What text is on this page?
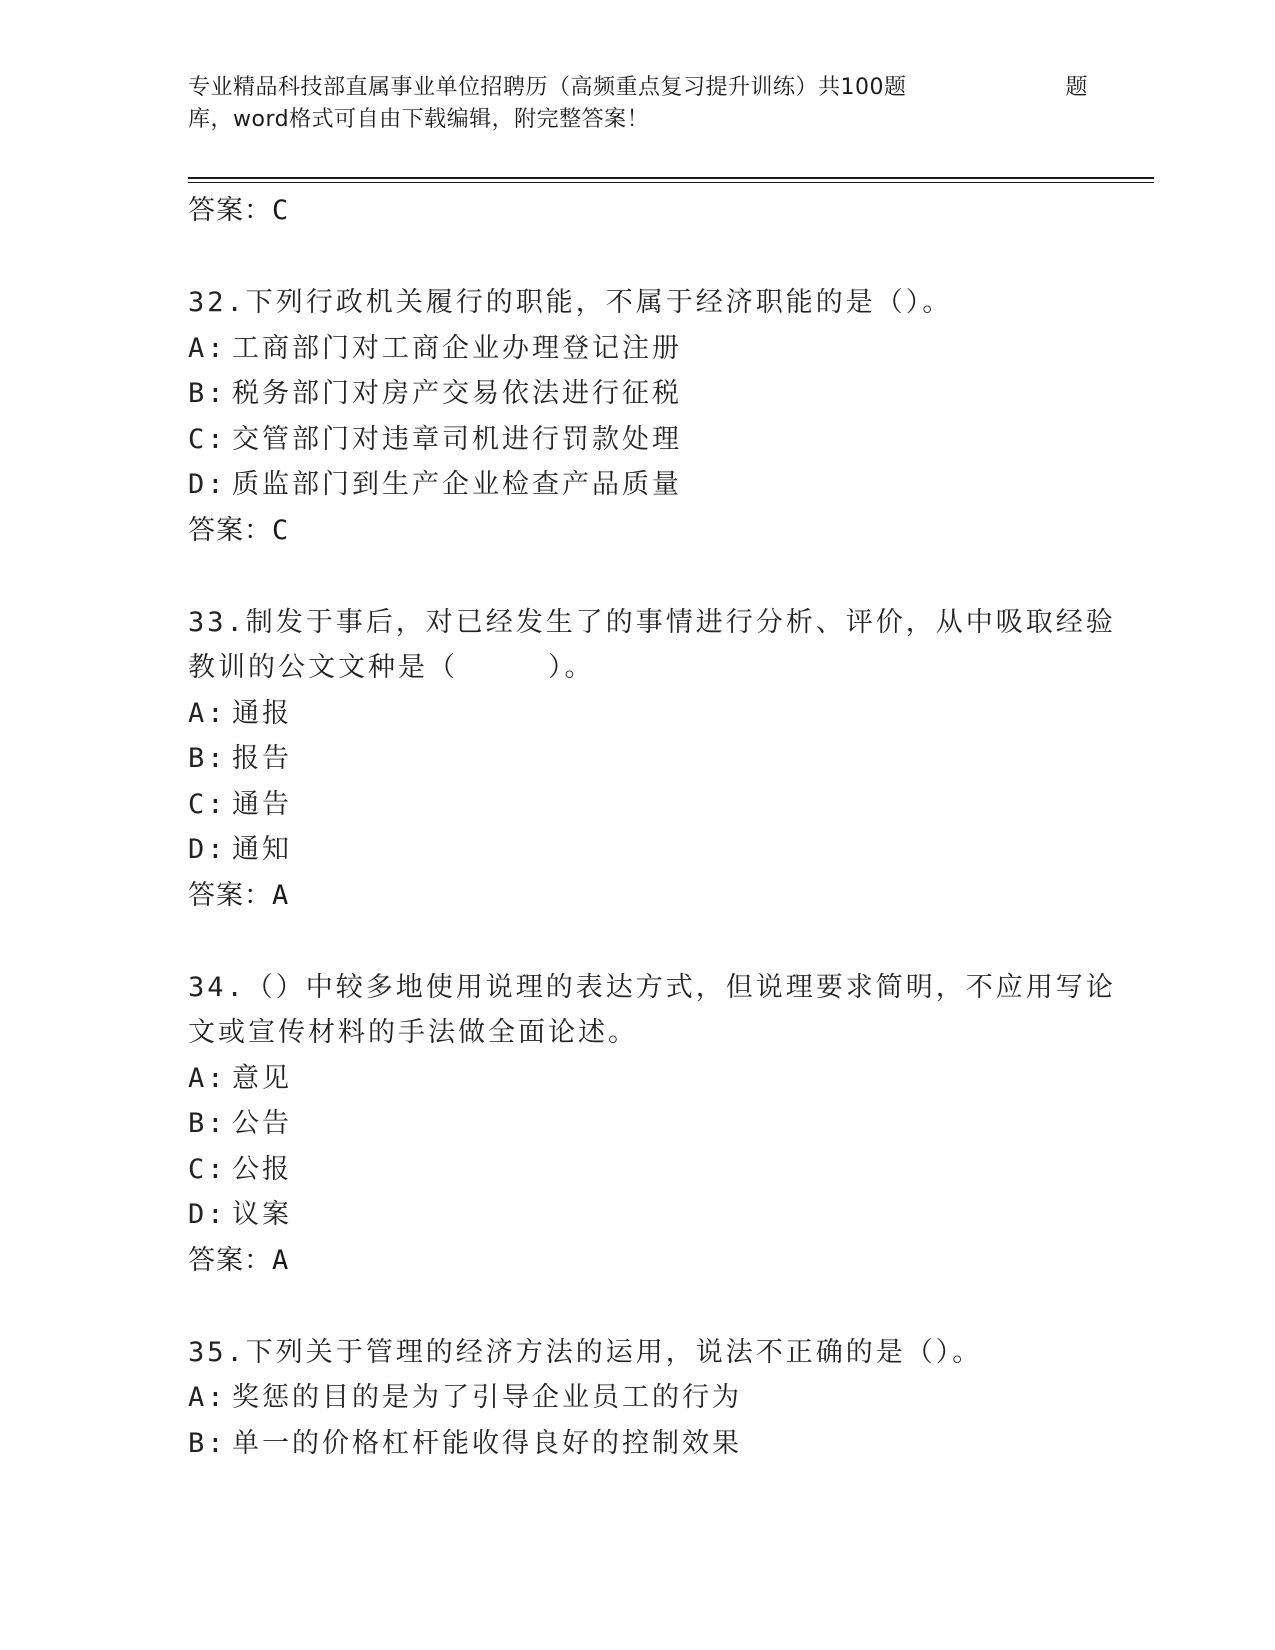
专业精品科技部直属事业单位招聘历（高频重点复习提升训练）共100题	题
库，word格式可自由下载编辑，附完整答案！
答案：C
32.下列行政机关履行的职能，不属于经济职能的是（）。
A: 工商部门对工商企业办理登记注册
B: 税务部门对房产交易依法进行征税
C: 交管部门对违章司机进行罚款处理
D: 质监部门到生产企业检查产品质量
答案：C
33.制发于事后，对已经发生了的事情进行分析、评价，从中吸取经验
教训的公文文种是（　　　）。
A: 通报
B: 报告
C: 通告
D: 通知
答案：A
34.（）中较多地使用说理的表达方式，但说理要求简明，不应用写论
文或宣传材料的手法做全面论述。
A: 意见
B: 公告
C: 公报
D: 议案
答案：A
35.下列关于管理的经济方法的运用，说法不正确的是（）。
A: 奖惩的目的是为了引导企业员工的行为
B: 单一的价格杠杆能收得良好的控制效果
